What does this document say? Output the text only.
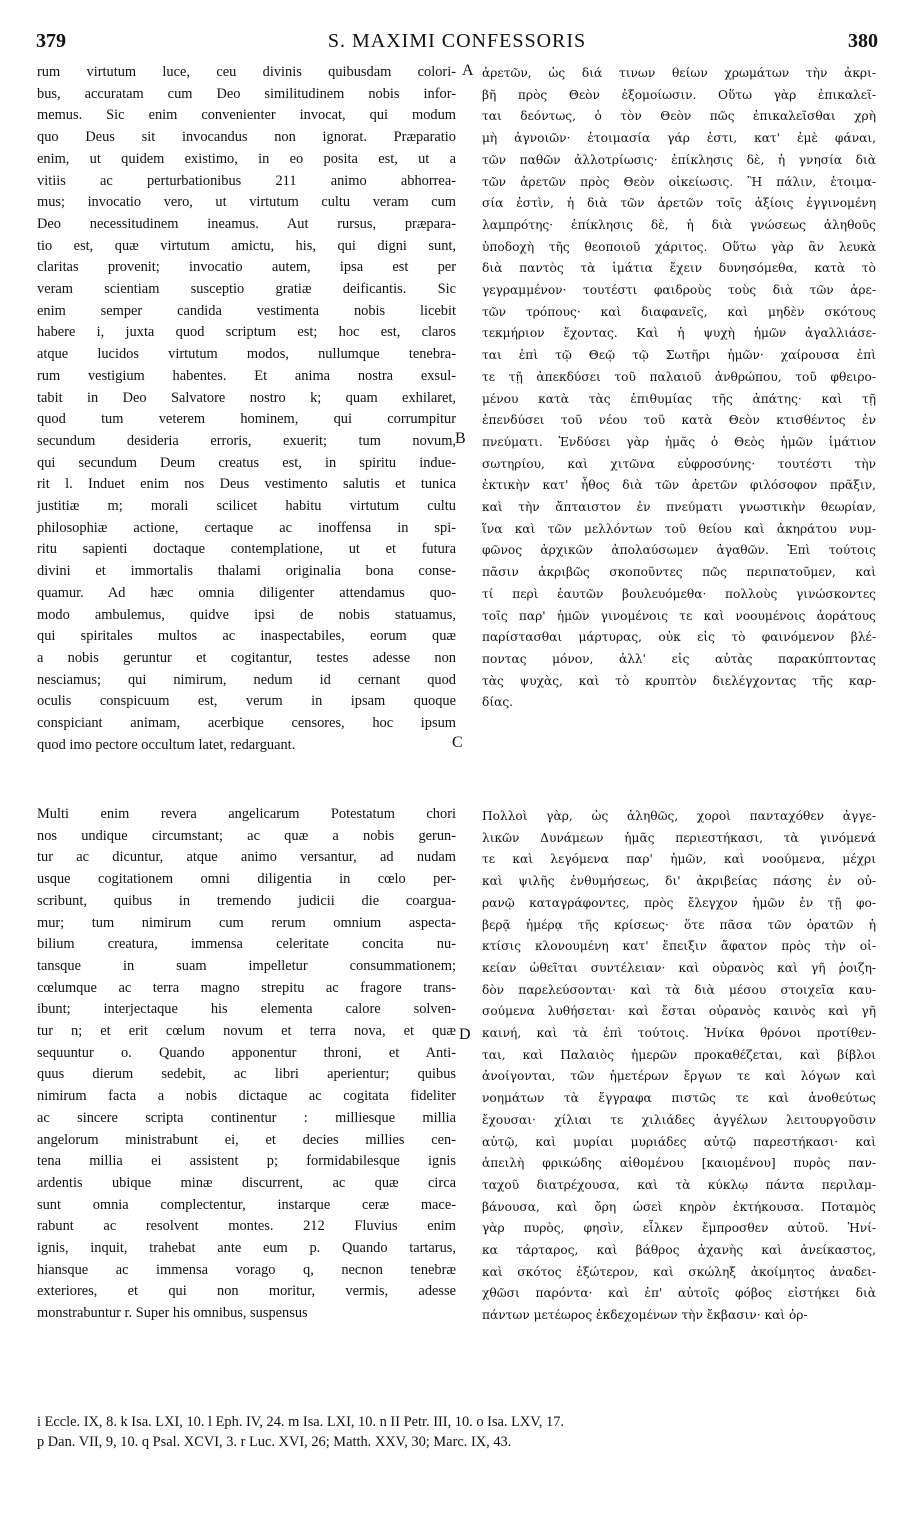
379	S. MAXIMI CONFESSORIS	380
rum virtutum luce, ceu divinis quibusdam colori-
bus, accuratam cum Deo similitudinem nobis infor-
memus. Sic enim convenienter invocat, qui modum
quo Deus sit invocandus non ignorat. Præparatio
enim, ut quidem existimo, in eo posita est, ut a
vitiis ac perturbationibus 211 animo abhorrea-
mus; invocatio vero, ut virtutum cultu veram cum
Deo necessitudinem ineamus. Aut rursus, præpara-
tio est, quæ virtutum amictu, his, qui digni sunt,
claritas provenit; invocatio autem, ipsa est per
veram scientiam susceptio gratiæ deificantis. Sic
enim semper candida vestimenta nobis licebit
habere i, juxta quod scriptum est; hoc est, claros
atque lucidos virtutum modos, nullumque tenebra-
rum vestigium habentes. Et anima nostra exsul-
tabit in Deo Salvatore nostro k; quam exhilaret,
quod tum veterem hominem, qui corrumpitur
secundum desideria erroris, exuerit; tum novum,
qui secundum Deum creatus est, in spiritu indue-
rit l. Induet enim nos Deus vestimento salutis et tunica
justitiæ m; morali scilicet habitu virtutum cultu
philosophiæ actione, certaque ac inoffensa in spi-
ritu sapienti doctaque contemplatione, ut et futura
divini et immortalis thalami originalia bona conse-
quamur. Ad hæc omnia diligenter attendamus quo-
modo ambulemus, quidve ipsi de nobis statuamus,
qui spiritales multos ac inaspectabiles, eorum quæ
a nobis geruntur et cogitantur, testes adesse non
nesciamus; qui nimirum, nedum id cernant quod
oculis conspicuum est, verum in ipsam quoque
conspiciant animam, acerbique censores, hoc ipsum
quod imo pectore occultum latet, redarguant.
Multi enim revera angelicarum Potestatum chori
nos undique circumstant; ac quæ a nobis gerun-
tur ac dicuntur, atque animo versantur, ad nudam
usque cogitationem omni diligentia in cœlo per-
scribunt, quibus in tremendo judicii die coargua-
mur; tum nimirum cum rerum omnium aspecta-
bilium creatura, immensa celeritate concita nu-
tansque in suam impelletur consummationem;
cœlumque ac terra magno strepitu ac fragore trans-
ibunt; interjectaque his elementa calore solven-
tur n; et erit cœlum novum et terra nova, et quæ
sequuntur o. Quando apponentur throni, et Anti-
quus dierum sedebit, ac libri aperientur; quibus
nimirum facta a nobis dictaque ac cogitata fideliter
ac sincere scripta continentur : milliesque millia
angelorum ministrabunt ei, et decies millies cen-
tena millia ei assistent p; formidabilesque ignis
ardentis ubique minæ discurrent, ac quæ circa
sunt omnia complectentur, instarque ceræ mace-
rabunt ac resolvent montes. 212 Fluvius enim
ignis, inquit, trahebat ante eum p. Quando tartarus,
hiansque ac immensa vorago q, necnon tenebræ
exteriores, et qui non moritur, vermis, adesse
monstrabuntur r. Super his omnibus, suspensus
ἀρετῶν, ὡς διά τινων θείων χρωμάτων τὴν ἀκρι-
βῆ πρὸς Θεὸν ἐξομοίωσιν. Οὕτω γὰρ ἐπικαλεῖ-
ται δεόντως, ὁ τὸν Θεὸν πῶς ἐπικαλεῖσθαι χρὴ
μὴ ἀγνοιῶν· ἑτοιμασία γάρ ἐστι, κατ' ἐμὲ φάναι,
τῶν παθῶν ἀλλοτρίωσις· ἐπίκλησις δὲ, ἡ γνησία διὰ
τῶν ἀρετῶν πρὸς Θεὸν οἰκείωσις. Ἢ πάλιν, ἑτοιμα-
σία ἐστὶν, ἡ διὰ τῶν ἀρετῶν τοῖς ἀξίοις ἐγγινομένη
λαμπρότης· ἐπίκλησις δὲ, ἡ διὰ γνώσεως ἀληθοῦς
ὑποδοχὴ τῆς θεοποιοῦ χάριτος. Οὕτω γὰρ ἂν λευκὰ
διὰ παντὸς τὰ ἱμάτια ἔχειν δυνησόμεθα, κατὰ τὸ
γεγραμμένον· τουτέστι φαιδροὺς τοὺς διὰ τῶν ἀρε-
τῶν τρόπους· καὶ διαφανεῖς, καὶ μηδὲν σκότους
τεκμήριον ἔχοντας. Καὶ ἡ ψυχὴ ἡμῶν ἀγαλλιάσε-
ται ἐπὶ τῷ Θεῷ τῷ Σωτῆρι ἡμῶν· χαίρουσα ἐπὶ
τε τῇ ἀπεκδύσει τοῦ παλαιοῦ ἀνθρώπου, τοῦ φθειρο-
μένου κατὰ τὰς ἐπιθυμίας τῆς ἀπάτης· καὶ τῇ
ἐπενδύσει τοῦ νέου τοῦ κατὰ Θεὸν κτισθέντος ἐν
πνεύματι. Ἐνδύσει γὰρ ἡμᾶς ὁ Θεὸς ἡμῶν ἱμάτιον
σωτηρίου, καὶ χιτῶνα εὐφροσύνης· τουτέστι τὴν
ἐκτικὴν κατ' ἦθος διὰ τῶν ἀρετῶν φιλόσοφον πρᾶξιν,
καὶ τὴν ἄπταιστον ἐν πνεύματι γνωστικὴν θεωρίαν,
ἵνα καὶ τῶν μελλόντων τοῦ θείου καὶ ἀκηράτου νυμ-
φῶνος ἀρχικῶν ἀπολαύσωμεν ἀγαθῶν. Ἐπὶ τούτοις
πᾶσιν ἀκριβῶς σκοποῦντες πῶς περιπατοῦμεν, καὶ
τί περὶ ἑαυτῶν βουλευόμεθα· πολλοὺς γινώσκοντες
τοῖς παρ' ἡμῶν γινομένοις τε καὶ νοουμένοις ἀοράτους
παρίστασθαι μάρτυρας, οὐκ εἰς τὸ φαινόμενον βλέ-
ποντας μόνον, ἀλλ' εἰς αὐτὰς παρακύπτοντας
τὰς ψυχὰς, καὶ τὸ κρυπτὸν διελέγχοντας τῆς καρ-
δίας.
Πολλοὶ γὰρ, ὡς ἀληθῶς, χοροὶ πανταχόθεν ἀγγε-
λικῶν Δυνάμεων ἡμᾶς περιεστήκασι, τὰ γινόμενά
τε καὶ λεγόμενα παρ' ἡμῶν, καὶ νοούμενα, μέχρι
καὶ ψιλῆς ἐνθυμήσεως, δι' ἀκριβείας πάσης ἐν οὐ-
ρανῷ καταγράφοντες, πρὸς ἔλεγχον ἡμῶν ἐν τῇ φο-
βερᾷ ἡμέρᾳ τῆς κρίσεως· ὅτε πᾶσα τῶν ὁρατῶν ἡ
κτίσις κλονουμένη κατ' ἔπειξιν ἄφατον πρὸς τὴν οἰ-
κείαν ὠθεῖται συντέλειαν· καὶ οὐρανὸς καὶ γῆ ῥοιζη-
δὸν παρελεύσονται· καὶ τὰ διὰ μέσου στοιχεῖα καυ-
σούμενα λυθήσεται· καὶ ἔσται οὐρανὸς καινὸς καὶ γῆ
καινή, καὶ τὰ ἐπὶ τούτοις. Ἡνίκα θρόνοι προτίθεν-
ται, καὶ Παλαιὸς ἡμερῶν προκαθέζεται, καὶ βίβλοι
ἀνοίγονται, τῶν ἡμετέρων ἔργων τε καὶ λόγων καὶ
νοημάτων τὰ ἔγγραφα πιστῶς τε καὶ ἀνοθεύτως
ἔχουσαι· χίλιαι τε χιλιάδες ἀγγέλων λειτουργοῦσιν
αὐτῷ, καὶ μυρίαι μυριάδες αὐτῷ παρεστήκασι· καὶ
ἀπειλὴ φρικώδης αἰθομένου [καιομένου] πυρὸς παν-
ταχοῦ διατρέχουσα, καὶ τὰ κύκλῳ πάντα περιλαμ-
βάνουσα, καὶ ὄρη ὡσεὶ κηρὸν ἐκτήκουσα. Ποταμὸς
γὰρ πυρὸς, φησὶν, εἷλκεν ἔμπροσθεν αὐτοῦ. Ἡνί-
κα τάρταρος, καὶ βάθρος ἀχανὴς καὶ ἀνείκαστος,
καὶ σκότος ἐξώτερον, καὶ σκώληξ ἀκοίμητος ἀναδει-
χθῶσι παρόντα· καὶ ἐπ' αὐτοῖς φόβος εἰστήκει διὰ
πάντων μετέωρος ἐκδεχομένων τὴν ἔκβασιν· καὶ ὀρ-
A
B
C
D
i Eccle. IX, 8. k Isa. LXI, 10. l Eph. IV, 24. m Isa. LXI, 10. n II Petr. III, 10. o Isa. LXV, 17.
p Dan. VII, 9, 10. q Psal. XCVI, 3. r Luc. XVI, 26; Matth. XXV, 30; Marc. IX, 43.
